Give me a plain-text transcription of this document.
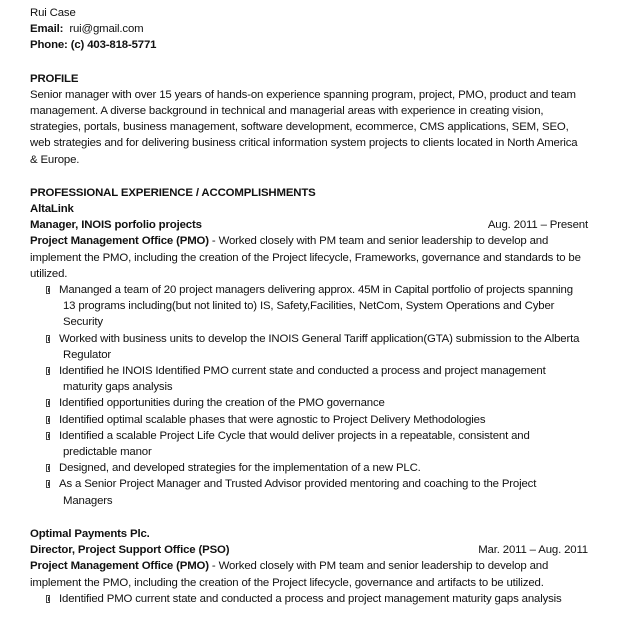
Rui Case
Email: rui@gmail.com
Phone: (c) 403-818-5771
PROFILE
Senior manager with over 15 years of hands-on experience spanning program, project, PMO, product and team management. A diverse background in technical and managerial areas with experience in creating vision, strategies, portals, business management, software development, ecommerce, CMS applications, SEM, SEO, web strategies and for delivering business critical information system projects to clients located in North America & Europe.
PROFESSIONAL EXPERIENCE / ACCOMPLISHMENTS
AltaLink
Manager, INOIS porfolio projects	Aug. 2011 – Present
Project Management Office (PMO) - Worked closely with PM team and senior leadership to develop and implement the PMO, including the creation of the Project lifecycle, Frameworks, governance and standards to be utilized.
Mananged a team of 20 project managers delivering approx. 45M in Capital portfolio of projects spanning 13 programs including(but not linited to) IS, Safety,Facilities, NetCom, System Operations and Cyber Security
Worked with business units to develop the INOIS General Tariff application(GTA) submission to the Alberta Regulator
Identified he INOIS Identified PMO current state and conducted a process and project management maturity gaps analysis
Identified opportunities during the creation of the PMO governance
Identified optimal scalable phases that were agnostic to Project Delivery Methodologies
Identified a scalable Project Life Cycle that would deliver projects in a repeatable, consistent and predictable manor
Designed, and developed strategies for the implementation of a new PLC.
As a Senior Project Manager and Trusted Advisor provided mentoring and coaching to the Project Managers
Optimal Payments Plc.
Director, Project Support Office (PSO)	Mar. 2011 – Aug. 2011
Project Management Office (PMO) - Worked closely with PM team and senior leadership to develop and implement the PMO, including the creation of the Project lifecycle, governance and artifacts to be utilized.
Identified PMO current state and conducted a process and project management maturity gaps analysis
